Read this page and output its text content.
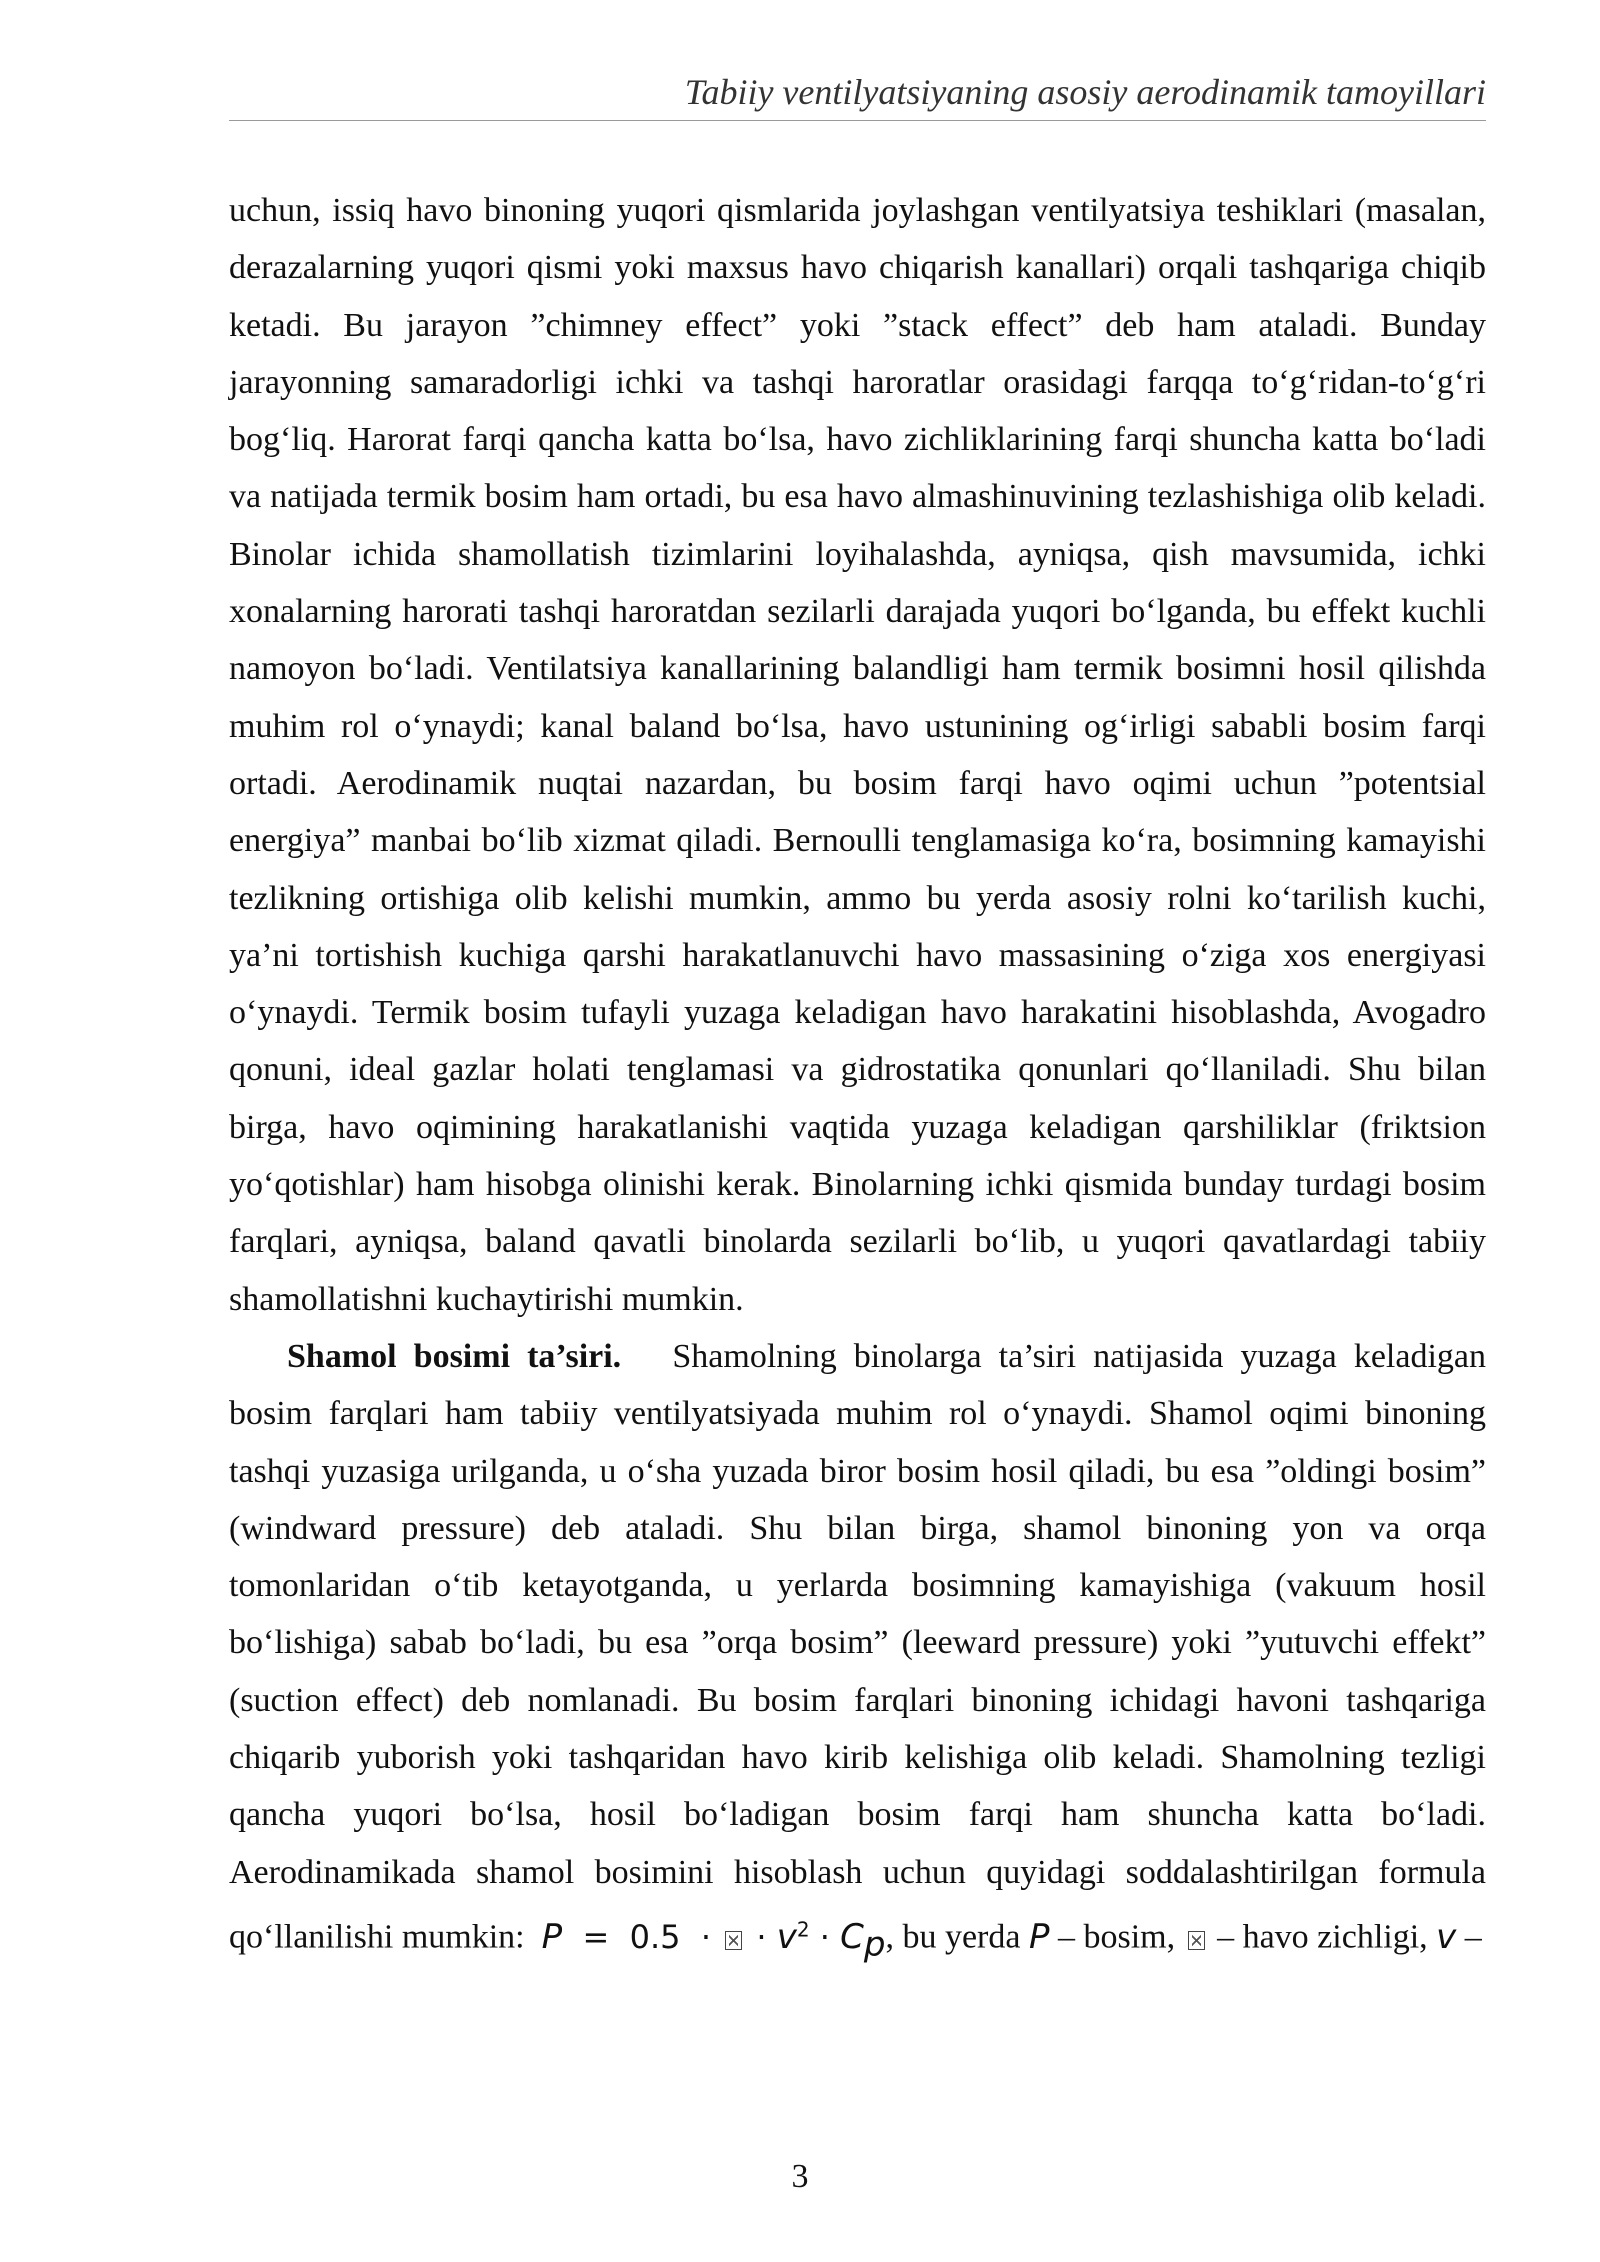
Tabiiy ventilyatsiyaning asosiy aerodinamik tamoyillari

uchun, issiq havo binoning yuqori qismlarida joylashgan ventilyatsiya teshiklari (masalan, derazalarning yuqori qismi yoki maxsus havo chiqarish kanallari) orqali tashqariga chiqib ketadi. Bu jarayon ”chimney effect” yoki ”stack effect” deb ham ataladi. Bunday jarayonning samaradorligi ichki va tashqi haroratlar orasidagi farqqa to‘g‘ridan-to‘g‘ri bog‘liq. Harorat farqi qancha katta bo‘lsa, havo zichliklarining farqi shuncha katta bo‘ladi va natijada termik bosim ham ortadi, bu esa havo almashinuvining tezlashishiga olib keladi. Binolar ichida shamollatish tizimlarini loyihalashda, ayniqsa, qish mavsumida, ichki xonalarning harorati tashqi haroratdan sezilarli darajada yuqori bo‘lganda, bu effekt kuchli namoyon bo‘ladi. Ventilatsiya kanallarining balandligi ham termik bosimni hosil qilishda muhim rol o‘ynaydi; kanal baland bo‘lsa, havo ustunining og‘irligi sababli bosim farqi ortadi. Aerodinamik nuqtai nazardan, bu bosim farqi havo oqimi uchun ”potentsial energiya” manbai bo‘lib xizmat qiladi. Bernoulli tenglamasiga ko‘ra, bosimning kamayishi tezlikning ortishiga olib kelishi mumkin, ammo bu yerda asosiy rolni ko‘tarilish kuchi, ya’ni tortishish kuchiga qarshi harakatlanuvchi havo massasining o‘ziga xos energiyasi o‘ynaydi. Termik bosim tufayli yuzaga keladigan havo harakatini hisoblashda, Avogadro qonuni, ideal gazlar holati tenglamasi va gidrostatika qonunlari qo‘llaniladi. Shu bilan birga, havo oqimining harakatlanishi vaqtida yuzaga keladigan qarshiliklar (friktsion yo‘qotishlar) ham hisobga olinishi kerak. Binolarning ichki qismida bunday turdagi bosim farqlari, ayniqsa, baland qavatli binolarda sezilarli bo‘lib, u yuqori qavatlardagi tabiiy shamollatishni kuchaytirishi mumkin.

Shamol bosimi ta’siri. Shamolning binolarga ta’siri natijasida yuzaga keladigan bosim farqlari ham tabiiy ventilyatsiyada muhim rol o‘ynaydi. Shamol oqimi binoning tashqi yuzasiga urilganda, u o‘sha yuzada biror bosim hosil qiladi, bu esa ”oldingi bosim” (windward pressure) deb ataladi. Shu bilan birga, shamol binoning yon va orqa tomonlaridan o‘tib ketayotganda, u yerlarda bosimning kamayishiga (vakuum hosil bo‘lishiga) sabab bo‘ladi, bu esa ”orqa bosim” (leeward pressure) yoki ”yutuvchi effekt” (suction effect) deb nomlanadi. Bu bosim farqlari binoning ichidagi havoni tashqariga chiqarib yuborish yoki tashqaridan havo kirib kelishiga olib keladi. Shamolning tezligi qancha yuqori bo‘lsa, hosil bo‘ladigan bosim farqi ham shuncha katta bo‘ladi. Aerodinamikada shamol bosimini hisoblash uchun quyidagi soddalashtirilgan formula qo‘llanilishi mumkin: P = 0.5 · · $v^2 \cdot C_p$, bu yerda P – bosim, – havo zichligi, v –

3
